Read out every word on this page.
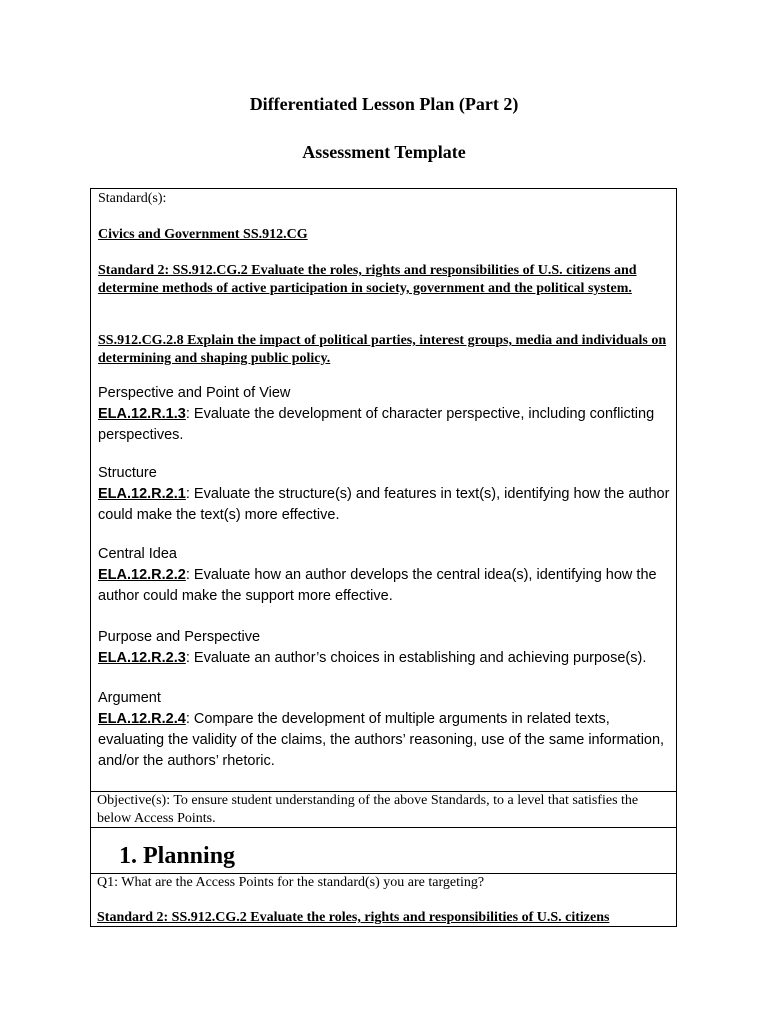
Differentiated Lesson Plan (Part 2)
Assessment Template

Standard(s):

Civics and Government SS.912.CG

Standard 2: SS.912.CG.2 Evaluate the roles, rights and responsibilities of U.S. citizens and determine methods of active participation in society, government and the political system.

SS.912.CG.2.8 Explain the impact of political parties, interest groups, media and individuals on determining and shaping public policy.

Perspective and Point of View

ELA.12.R.1.3: Evaluate the development of character perspective, including conflicting perspectives.

Structure

ELA.12.R.2.1: Evaluate the structure(s) and features in text(s), identifying how the author could make the text(s) more effective.

Central Idea

ELA.12.R.2.2: Evaluate how an author develops the central idea(s), identifying how the author could make the support more effective.

Purpose and Perspective

ELA.12.R.2.3: Evaluate an author’s choices in establishing and achieving purpose(s).

Argument

ELA.12.R.2.4: Compare the development of multiple arguments in related texts, evaluating the validity of the claims, the authors’ reasoning, use of the same information, and/or the authors’ rhetoric.

Objective(s): To ensure student understanding of the above Standards, to a level that satisfies the below Access Points.

1. Planning

Q1: What are the Access Points for the standard(s) you are targeting?

Standard 2: SS.912.CG.2 Evaluate the roles, rights and responsibilities of U.S. citizens
